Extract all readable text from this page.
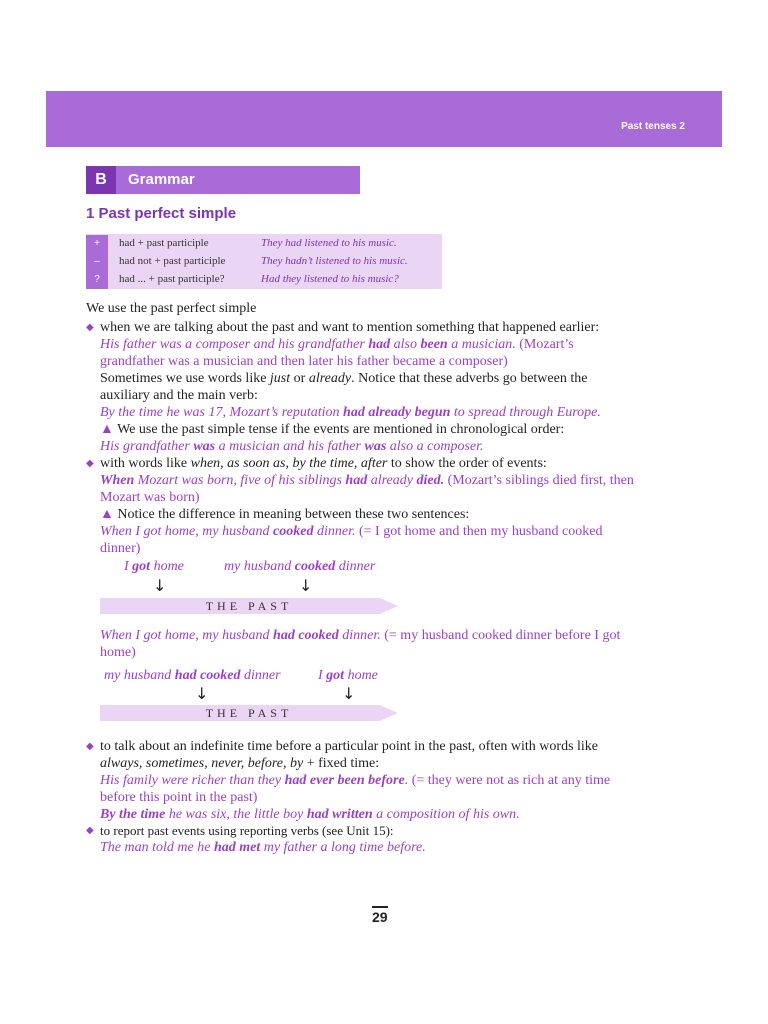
Past tenses 2
B	Grammar
1 Past perfect simple
+	had + past participle	They had listened to his music.
–	had not + past participle	They hadn’t listened to his music.
?	had ... + past participle?	Had they listened to his music?
We use the past perfect simple
◆ when we are talking about the past and want to mention something that happened earlier:
His father was a composer and his grandfather had also been a musician. (Mozart’s
grandfather was a musician and then later his father became a composer)
Sometimes we use words like just or already. Notice that these adverbs go between the
auxiliary and the main verb:
By the time he was 17, Mozart’s reputation had already begun to spread through Europe.
▲ We use the past simple tense if the events are mentioned in chronological order:
His grandfather was a musician and his father was also a composer.
◆ with words like when, as soon as, by the time, after to show the order of events:
When Mozart was born, five of his siblings had already died. (Mozart’s siblings died first, then
Mozart was born)
▲ Notice the difference in meaning between these two sentences:
When I got home, my husband cooked dinner. (= I got home and then my husband cooked
dinner)
I got home	my husband cooked dinner
↓	↓
THE PAST
When I got home, my husband had cooked dinner. (= my husband cooked dinner before I got
home)
my husband had cooked dinner	I got home
↓	↓
THE PAST
◆ to talk about an indefinite time before a particular point in the past, often with words like
always, sometimes, never, before, by + fixed time:
His family were richer than they had ever been before. (= they were not as rich at any time
before this point in the past)
By the time he was six, the little boy had written a composition of his own.
◆ to report past events using reporting verbs (see Unit 15):
The man told me he had met my father a long time before.
29
